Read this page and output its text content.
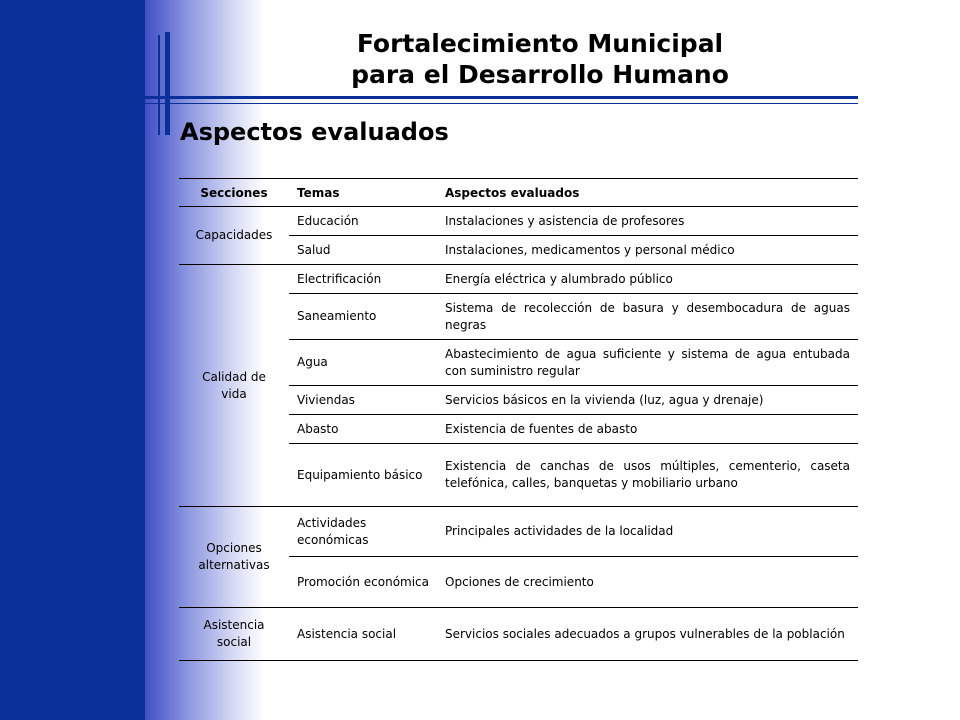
Fortalecimiento Municipal
para el Desarrollo Humano
Aspectos evaluados
Secciones	Temas	Aspectos evaluados
Capacidades	Educación	Instalaciones y asistencia de profesores
	Salud	Instalaciones, medicamentos y personal médico

Calidad de vida	Electrificación	Energía eléctrica y alumbrado público
	Saneamiento	Sistema de recolección de basura y desembocadura de aguas negras
	Agua	Abastecimiento de agua suficiente y sistema de agua entubada con suministro regular
	Viviendas	Servicios básicos en la vivienda (luz, agua y drenaje)
	Abasto	Existencia de fuentes de abasto
	Equipamiento básico	Existencia de canchas de usos múltiples, cementerio, caseta telefónica, calles, banquetas y mobiliario urbano
Opciones alternativas	Actividades económicas	Principales actividades de la localidad
	Promoción económica	Opciones de crecimiento
Asistencia social	Asistencia social	Servicios sociales adecuados a grupos vulnerables de la población
